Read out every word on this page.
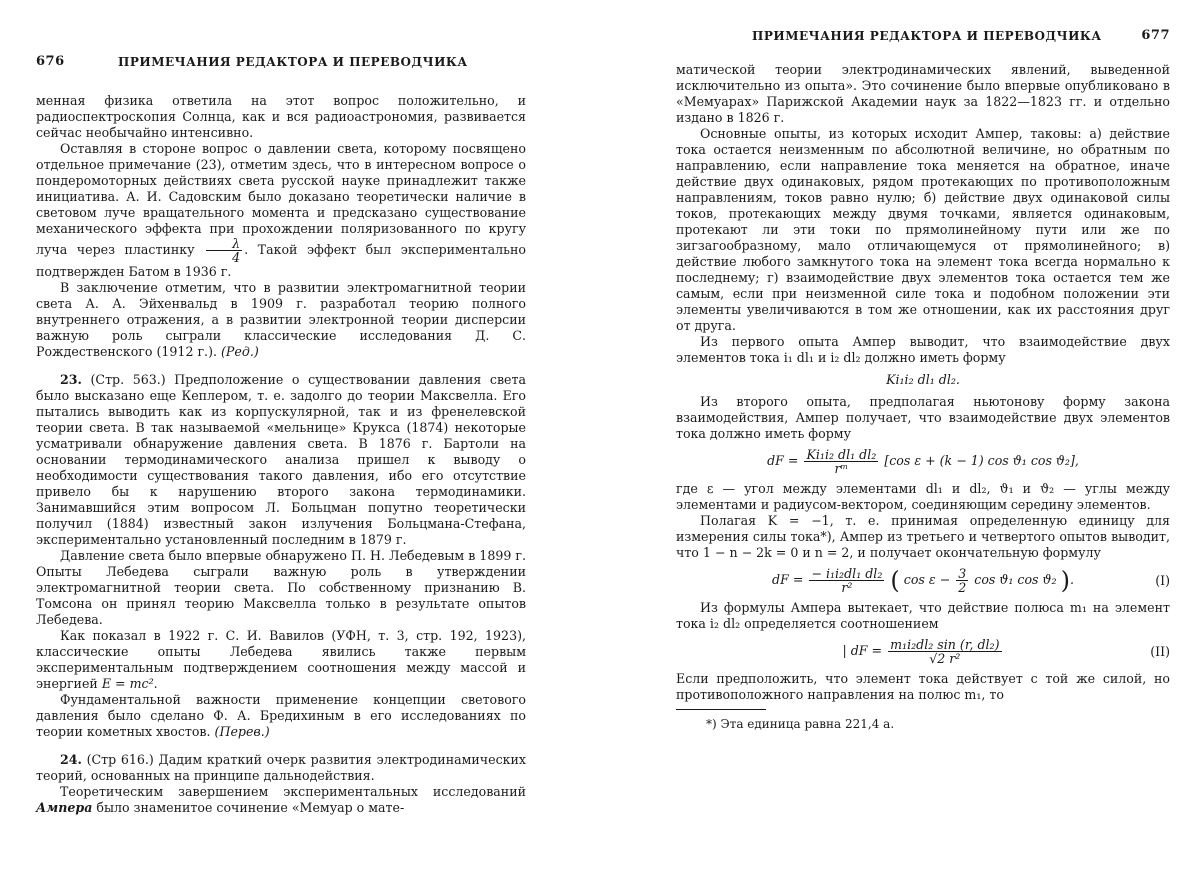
676	ПРИМЕЧАНИЯ РЕДАКТОРА И ПЕРЕВОДЧИКА

менная физика ответила на этот вопрос положительно, и радиоспектроскопия Солнца, как и вся радиоастрономия, развивается сейчас необычайно интенсивно.

Оставляя в стороне вопрос о давлении света, которому посвящено отдельное примечание (23), отметим здесь, что в интересном вопросе о пондеромоторных действиях света русской науке принадлежит также инициатива. А. И. Садовским было доказано теоретически наличие в световом луче вращательного момента и предсказано существование механического эффекта при прохождении поляризованного по кругу луча через пластинку $\frac{\lambda}{4}$ . Такой эффект был экспериментально подтвержден Батом в 1936 г.

В заключение отметим, что в развитии электромагнитной теории света А. А. Эйхенвальд в 1909 г. разработал теорию полного внутреннего отражения, а в развитии электронной теории дисперсии важную роль сыграли классические исследования Д. С. Рождественского (1912 г.). (Ред.)

23. (Стр. 563.) Предположение о существовании давления света было высказано еще Кеплером, т. е. задолго до теории Максвелла. Его пытались выводить как из корпускулярной, так и из френелевской теории света. В так называемой «мельнице» Крукса (1874) некоторые усматривали обнаружение давления света. В 1876 г. Бартоли на основании термодинамического анализа пришел к выводу о необходимости существования такого давления, ибо его отсутствие привело бы к нарушению второго закона термодинамики. Занимавшийся этим вопросом Л. Больцман попутно теоретически получил (1884) известный закон излучения Больцмана-Стефана, экспериментально установленный последним в 1879 г.

Давление света было впервые обнаружено П. Н. Лебедевым в 1899 г. Опыты Лебедева сыграли важную роль в утверждении электромагнитной теории света. По собственному признанию В. Томсона он принял теорию Максвелла только в результате опытов Лебедева.

Как показал в 1922 г. С. И. Вавилов (УФН, т. 3, стр. 192, 1923), классические опыты Лебедева явились также первым экспериментальным подтверждением соотношения между массой и энергией E = mc².

Фундаментальной важности применение концепции светового давления было сделано Ф. А. Бредихиным в его исследованиях по теории кометных хвостов. (Перев.)

24. (Стр 616.) Дадим краткий очерк развития электродинамических теорий, основанных на принципе дальнодействия.

Теоретическим завершением экспериментальных исследований Ампера было знаменитое сочинение «Мемуар о мате-

ПРИМЕЧАНИЯ РЕДАКТОРА И ПЕРЕВОДЧИКА	677

матической теории электродинамических явлений, выведенной исключительно из опыта». Это сочинение было впервые опубликовано в «Мемуарах» Парижской Академии наук за 1822—1823 гг. и отдельно издано в 1826 г.

Основные опыты, из которых исходит Ампер, таковы: а) действие тока остается неизменным по абсолютной величине, но обратным по направлению, если направление тока меняется на обратное, иначе действие двух одинаковых, рядом протекающих по противоположным направлениям, токов равно нулю; б) действие двух одинаковой силы токов, протекающих между двумя точками, является одинаковым, протекают ли эти токи по прямолинейному пути или же по зигзагообразному, мало отличающемуся от прямолинейного; в) действие любого замкнутого тока на элемент тока всегда нормально к последнему; г) взаимодействие двух элементов тока остается тем же самым, если при неизменной силе тока и подобном положении эти элементы увеличиваются в том же отношении, как их расстояния друг от друга.

Из первого опыта Ампер выводит, что взаимодействие двух элементов тока i₁ dl₁ и i₂ dl₂ должно иметь форму

Ki₁i₂ dl₁ dl₂.

Из второго опыта, предполагая ньютонову форму закона взаимодействия, Ампер получает, что взаимодействие двух элементов тока должно иметь форму

dF = $\frac{\text{Ki₁i₂ dl₁ dl₂}}{\text{rᵐ}} [\cos$ ε + (k − 1) cos ϑ₁ cos ϑ₂],

где ε — угол между элементами dl₁ и dl₂, ϑ₁ и ϑ₂ — углы между элементами и радиусом-вектором, соединяющим середину элементов.

Полагая K = −1, т. е. принимая определенную единицу для измерения силы тока*), Ампер из третьего и четвертого опытов выводит, что 1 − n − 2k = 0 и n = 2, и получает окончательную формулу

dF = $\frac{\text{− i₁i₂dl₁ dl₂}}{\text{r²}}$ ( $\cos \varepsilon - \frac{3}{2}$ cos ϑ₁ cos ϑ₂ ).	(I)

Из формулы Ампера вытекает, что действие полюса m₁ на элемент тока i₂ dl₂ определяется соотношением

| dF = $\frac{\text{m₁i₂dl₂ sin (r, dl₂)}}{\text{√2 r²}}$	(II)

Если предположить, что элемент тока действует с той же силой, но противоположного направления на полюс m₁, то

*) Эта единица равна 221,4 а.
